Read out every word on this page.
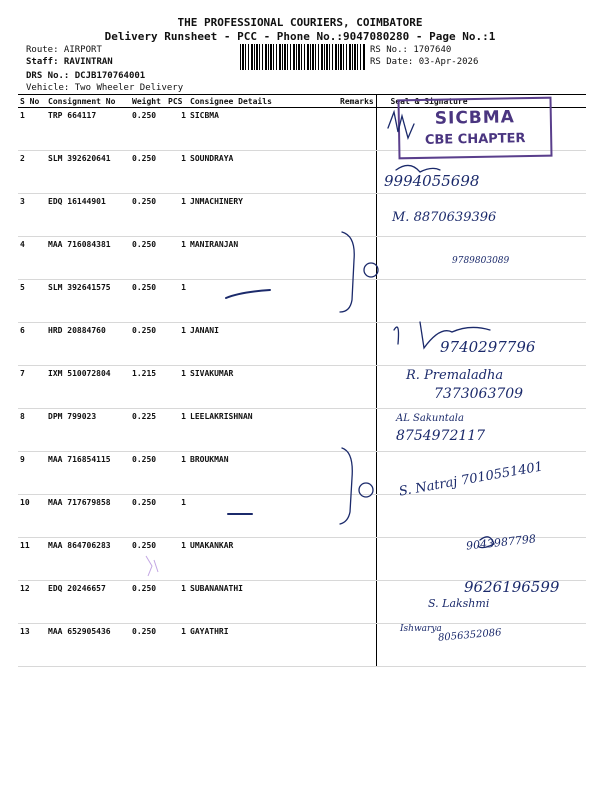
THE PROFESSIONAL COURIERS, COIMBATORE
Delivery Runsheet - PCC - Phone No.:9047080280 - Page No.:1
Route: AIRPORT
Staff: RAVINTRAN
DRS No.: DCJB170764001
Vehicle: Two Wheeler Delivery
RS No.: 1707640
RS Date: 03-Apr-2026
S No	Consignment No	Weight	PCS	Consignee Details	Remarks	Seal & Signature

1	TRP 664117	0.250	1	SICBMA		

2	SLM 392620641	0.250	1	SOUNDRAYA		

3	EDQ 16144901	0.250	1	JNMACHINERY		

4	MAA 716084381	0.250	1	MANIRANJAN		

5	SLM 392641575	0.250	1			

6	HRD 20884760	0.250	1	JANANI		

7	IXM 510072804	1.215	1	SIVAKUMAR		

8	DPM 799023	0.225	1	LEELAKRISHNAN		

9	MAA 716854115	0.250	1	BROUKMAN		

10	MAA 717679858	0.250	1			

11	MAA 864706283	0.250	1	UMAKANKAR		

12	EDQ 20246657	0.250	1	SUBANANATHI		

13	MAA 652905436	0.250	1	GAYATHRI		

SICBMA
CBE CHAPTER
9994055698
M. 8870639396
9789803089
9740297796
R. Premaladha
7373063709
AL Sakuntala
8754972117
S. Natraj 7010551401
9043987798
9626196599
S. Lakshmi
Ishwarya
8056352086
